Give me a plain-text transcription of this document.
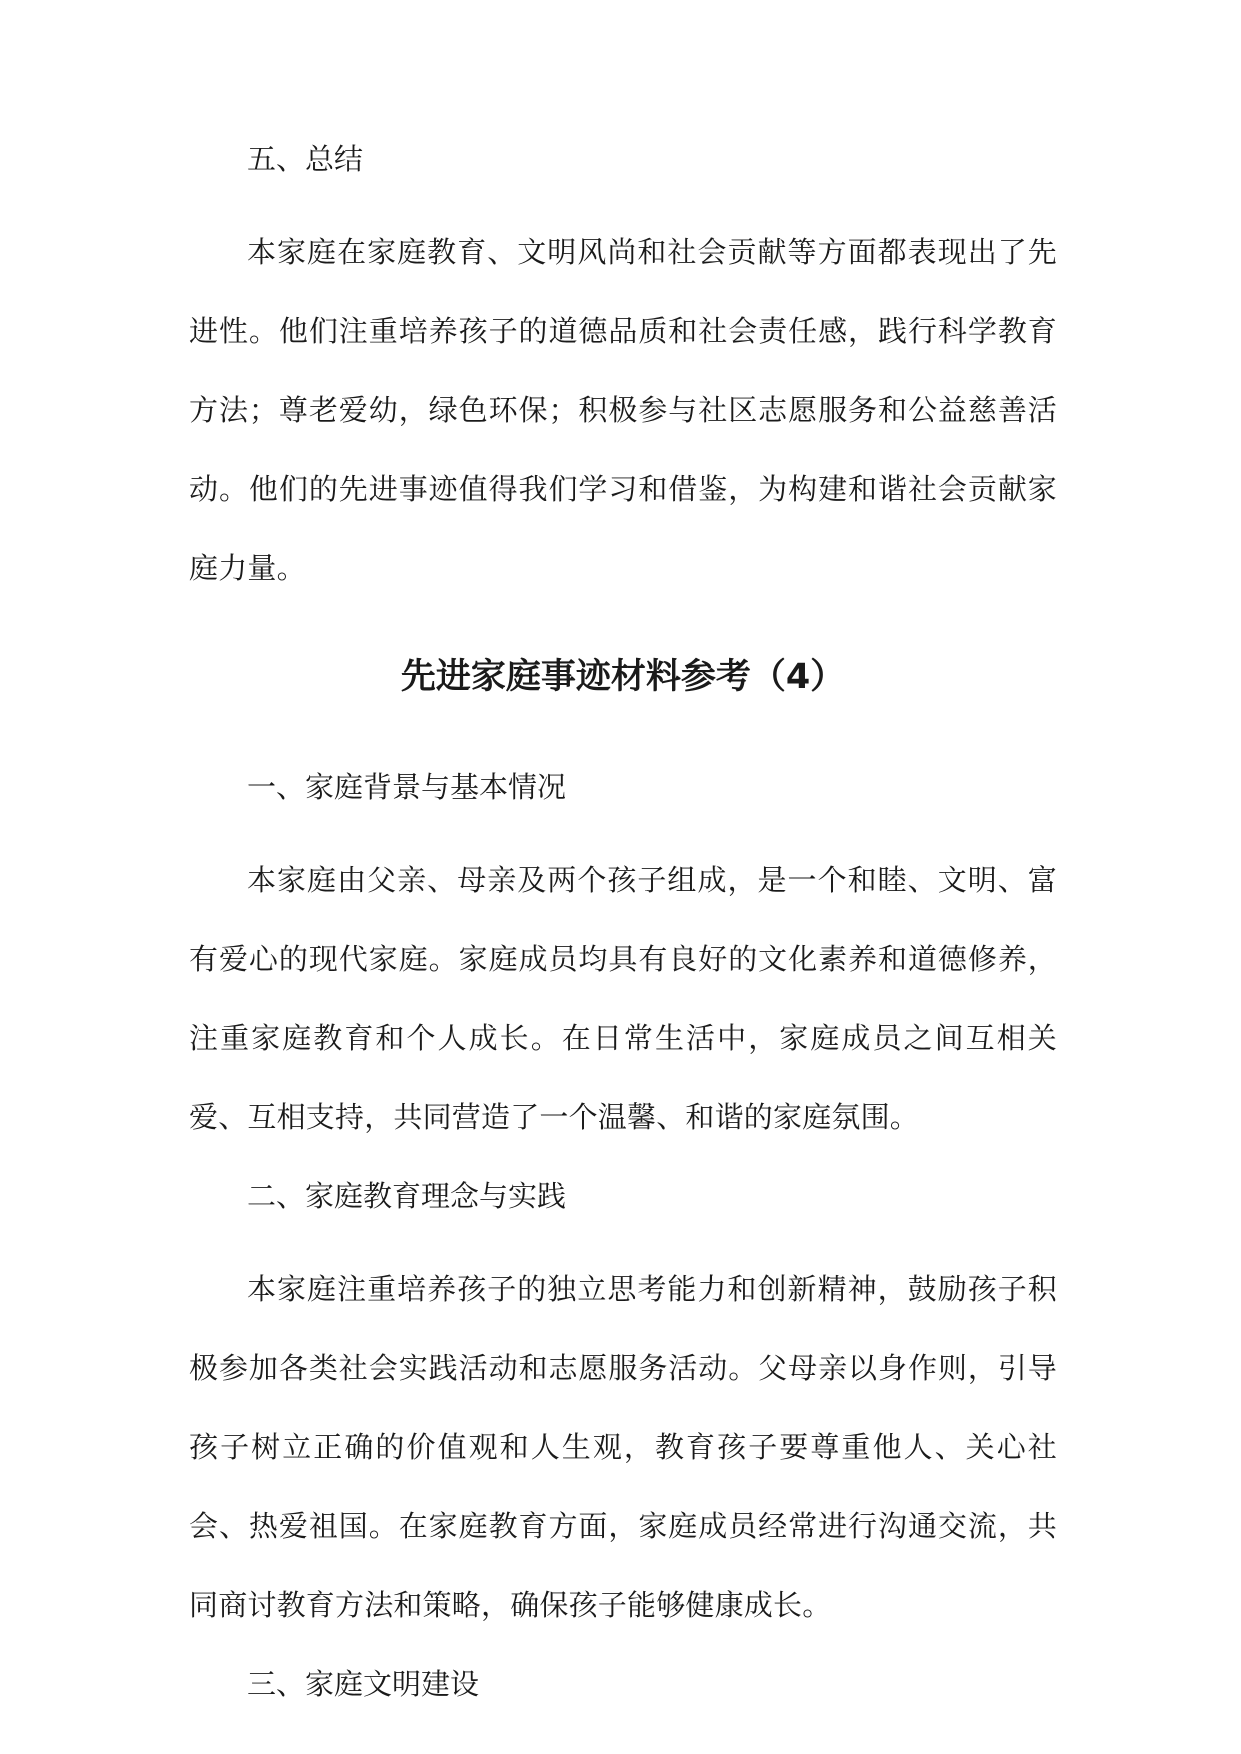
五、总结

本家庭在家庭教育、文明风尚和社会贡献等方面都表现出了先进性。他们注重培养孩子的道德品质和社会责任感，践行科学教育方法；尊老爱幼，绿色环保；积极参与社区志愿服务和公益慈善活动。他们的先进事迹值得我们学习和借鉴，为构建和谐社会贡献家庭力量。

先进家庭事迹材料参考（4）

一、家庭背景与基本情况

本家庭由父亲、母亲及两个孩子组成，是一个和睦、文明、富有爱心的现代家庭。家庭成员均具有良好的文化素养和道德修养，注重家庭教育和个人成长。在日常生活中，家庭成员之间互相关爱、互相支持，共同营造了一个温馨、和谐的家庭氛围。

二、家庭教育理念与实践

本家庭注重培养孩子的独立思考能力和创新精神，鼓励孩子积极参加各类社会实践活动和志愿服务活动。父母亲以身作则，引导孩子树立正确的价值观和人生观，教育孩子要尊重他人、关心社会、热爱祖国。在家庭教育方面，家庭成员经常进行沟通交流，共同商讨教育方法和策略，确保孩子能够健康成长。

三、家庭文明建设
